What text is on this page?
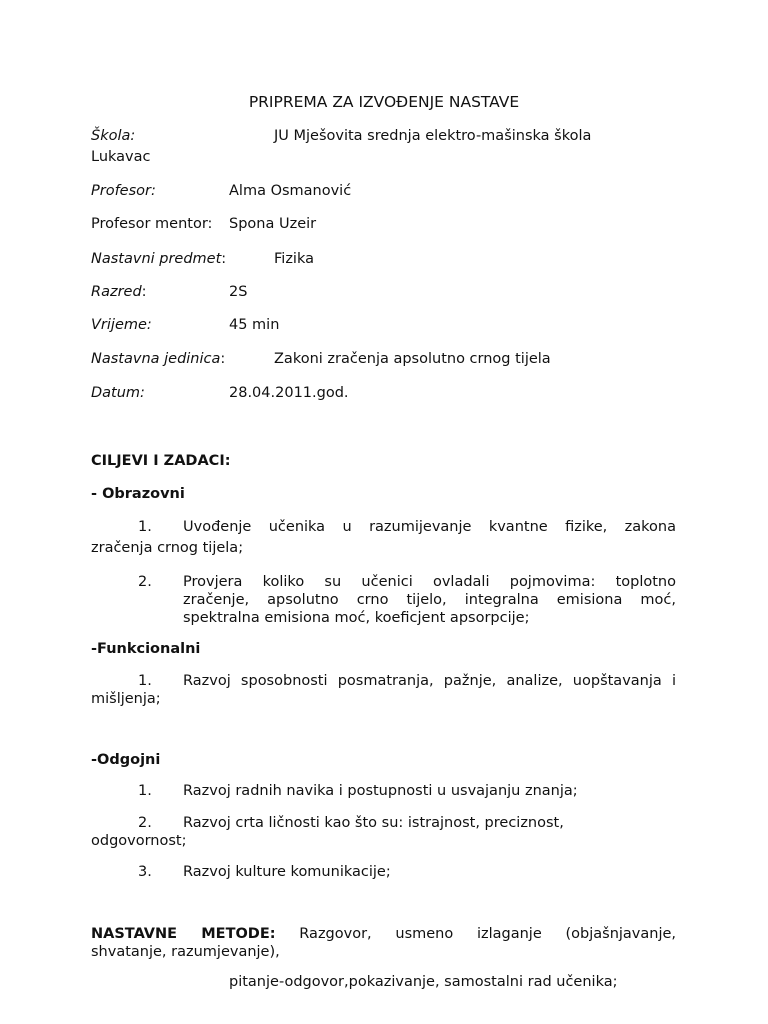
PRIPREMA ZA IZVOĐENJE NASTAVE
Škola:	JU Mješovita srednja elektro-mašinska škola
Lukavac
Profesor:	Alma Osmanović
Profesor mentor: Spona Uzeir
Nastavni predmet:	Fizika
Razred:	2S
Vrijeme:	45 min
Nastavna jedinica:	Zakoni zračenja apsolutno crnog tijela
Datum:	28.04.2011.god.
CILJEVI I ZADACI:
- Obrazovni
1. Uvođenje učenika u razumijevanje kvantne fizike, zakona
zračenja crnog tijela;
2. Provjera koliko su učenici ovladali pojmovima: toplotno
zračenje, apsolutno crno tijelo, integralna emisiona moć,
spektralna emisiona moć, koeficjent apsorpcije;
-Funkcionalni
1. Razvoj sposobnosti posmatranja, pažnje, analize, uopštavanja i
mišljenja;
-Odgojni
1. Razvoj radnih navika i postupnosti u usvajanju znanja;
2. Razvoj crta ličnosti kao što su: istrajnost, preciznost,
odgovornost;
3. Razvoj kulture komunikacije;
NASTAVNE METODE: Razgovor, usmeno izlaganje (objašnjavanje,
shvatanje, razumjevanje),
pitanje-odgovor,pokazivanje, samostalni rad učenika;
